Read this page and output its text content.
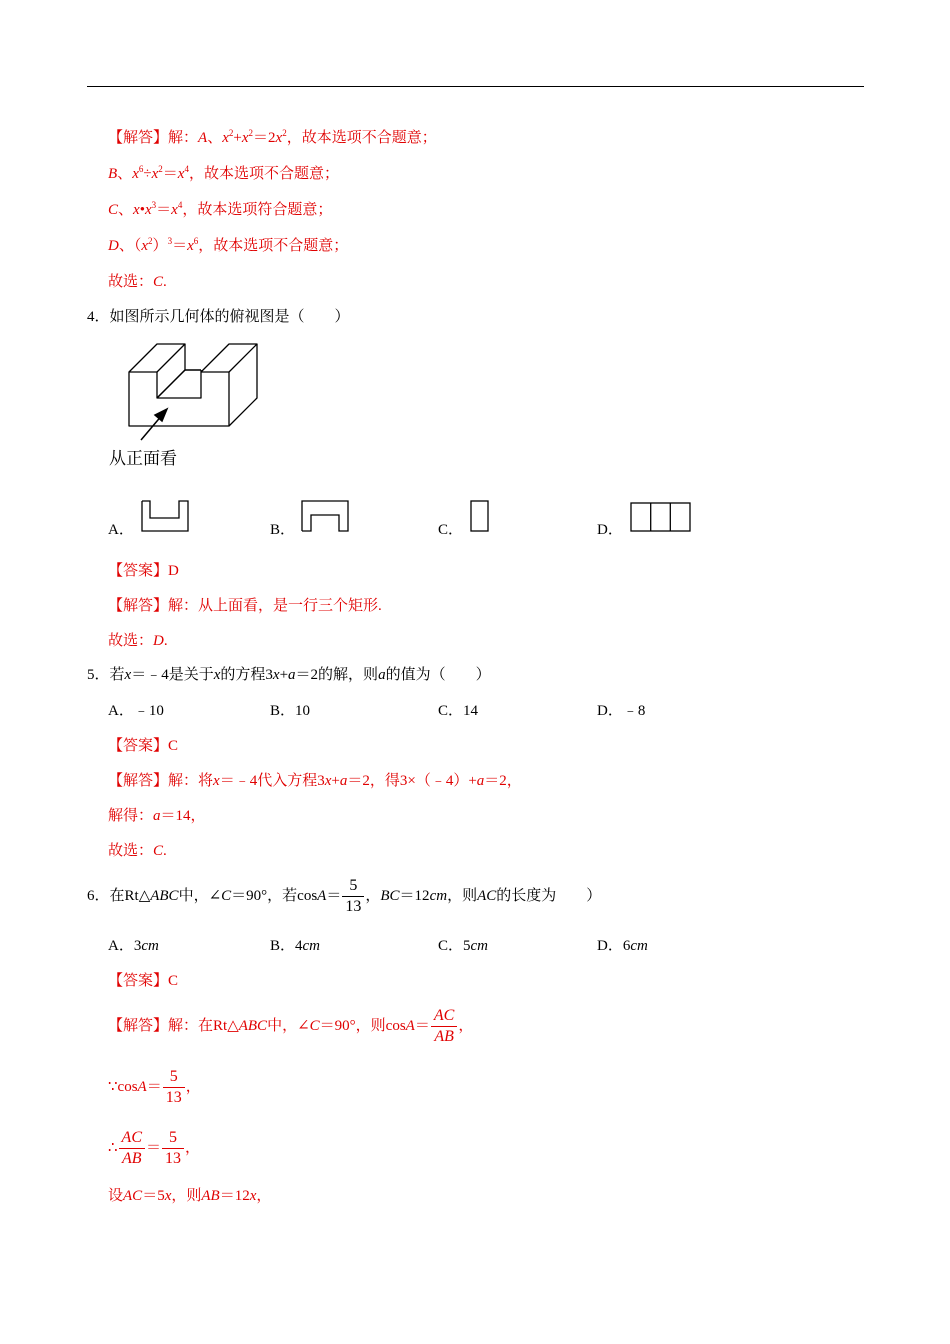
【解答】解：A、$x^2+x^2=2x^2$，故本选项不合题意；
B、$x^6\div x^2=x^4$，故本选项不合题意；
C、$x•x^3=x^4$，故本选项符合题意；
D、$(x^2)^3=x^6$，故本选项不合题意；
故选：C.
4．如图所示几何体的俯视图是（　　）
从正面看
A．	B．	C．	D．
【答案】D
【解答】解：从上面看，是一行三个矩形.
故选：D.
5．若x＝﹣4是关于x的方程3x+a＝2的解，则a的值为（　　）
A．﹣10	B．10	C．14	D．﹣8
【答案】C
【解答】解：将x＝﹣4代入方程3x+a＝2，得3×（﹣4）+a＝2，
解得：a＝14，
故选：C.
6．在Rt△ABC中，∠C＝90°，若$\cos A= \frac{5}{13}$ ，BC＝12cm，则AC的长度为　　）
A．3cm	B．4cm	C．5cm	D．6cm
【答案】C
【解答】解：在Rt△ABC中，∠C＝90°，则$\cos A= \frac{AC}{AB}$ ，
∵cosA＝ $\frac{5}{13}$ ，
∴ $\frac{AC}{AB} = \frac{5}{13}$ ，
设AC＝5x，则AB＝12x，
